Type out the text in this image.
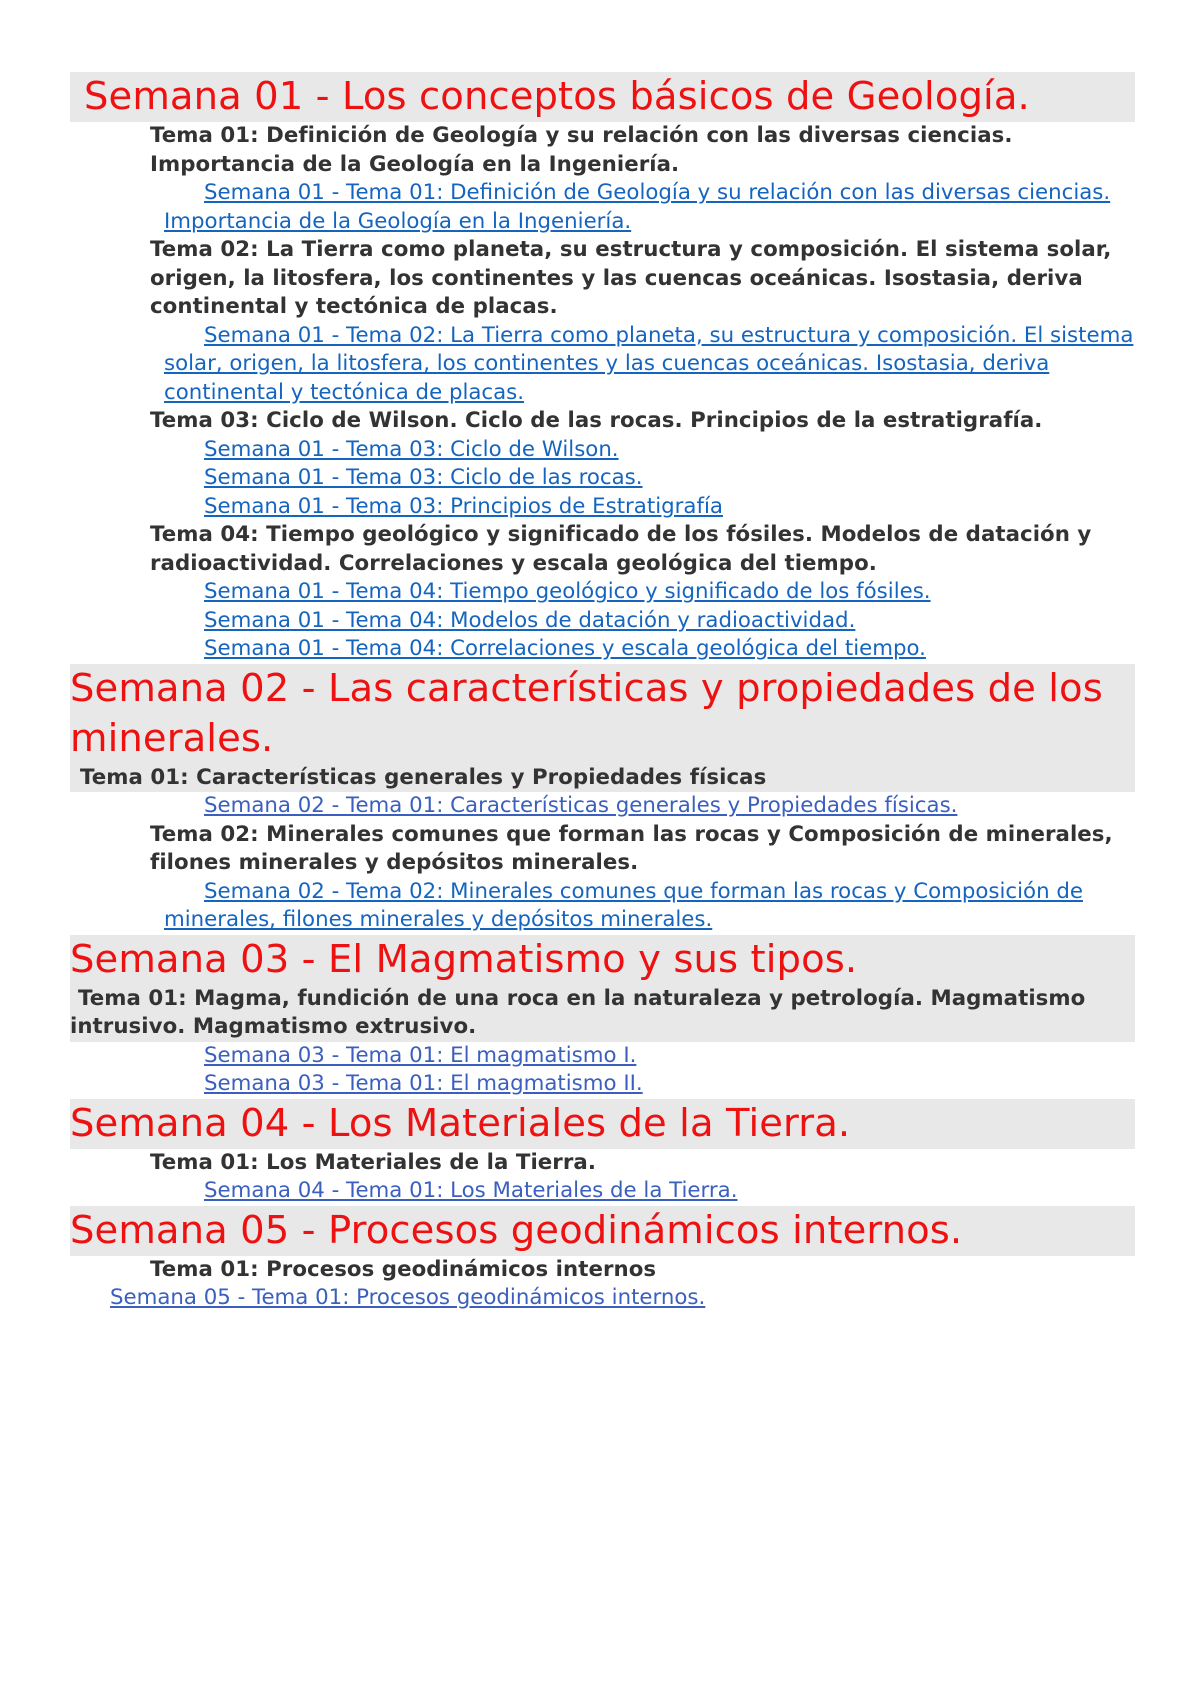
Semana 01 - Los conceptos básicos de Geología.

Tema 01: Definición de Geología y su relación con las diversas ciencias. Importancia de la Geología en la Ingeniería.

Semana 01 - Tema 01: Definición de Geología y su relación con las diversas ciencias. Importancia de la Geología en la Ingeniería.

Tema 02: La Tierra como planeta, su estructura y composición. El sistema solar, origen, la litosfera, los continentes y las cuencas oceánicas. Isostasia, deriva continental y tectónica de placas.

Semana 01 - Tema 02: La Tierra como planeta, su estructura y composición. El sistema solar, origen, la litosfera, los continentes y las cuencas oceánicas. Isostasia, deriva continental y tectónica de placas.

Tema 03: Ciclo de Wilson. Ciclo de las rocas. Principios de la estratigrafía.

Semana 01 - Tema 03: Ciclo de Wilson.
Semana 01 - Tema 03: Ciclo de las rocas.
Semana 01 - Tema 03: Principios de Estratigrafía

Tema 04: Tiempo geológico y significado de los fósiles. Modelos de datación y radioactividad. Correlaciones y escala geológica del tiempo.

Semana 01 - Tema 04: Tiempo geológico y significado de los fósiles.
Semana 01 - Tema 04: Modelos de datación y radioactividad.
Semana 01 - Tema 04: Correlaciones y escala geológica del tiempo.
Semana 02 - Las características y propiedades de los minerales.

Tema 01: Características generales y Propiedades físicas

Semana 02 - Tema 01: Características generales y Propiedades físicas.

Tema 02: Minerales comunes que forman las rocas y Composición de minerales, filones minerales y depósitos minerales.

Semana 02 - Tema 02: Minerales comunes que forman las rocas y Composición de minerales, filones minerales y depósitos minerales.
Semana 03 - El Magmatismo y sus tipos.

Tema 01: Magma, fundición de una roca en la naturaleza y petrología. Magmatismo intrusivo. Magmatismo extrusivo.

Semana 03 - Tema 01: El magmatismo I.
Semana 03 - Tema 01: El magmatismo II.
Semana 04 - Los Materiales de la Tierra.

Tema 01: Los Materiales de la Tierra.

Semana 04 - Tema 01: Los Materiales de la Tierra.
Semana 05 - Procesos geodinámicos internos.

Tema 01: Procesos geodinámicos internos

Semana 05 - Tema 01: Procesos geodinámicos internos.
